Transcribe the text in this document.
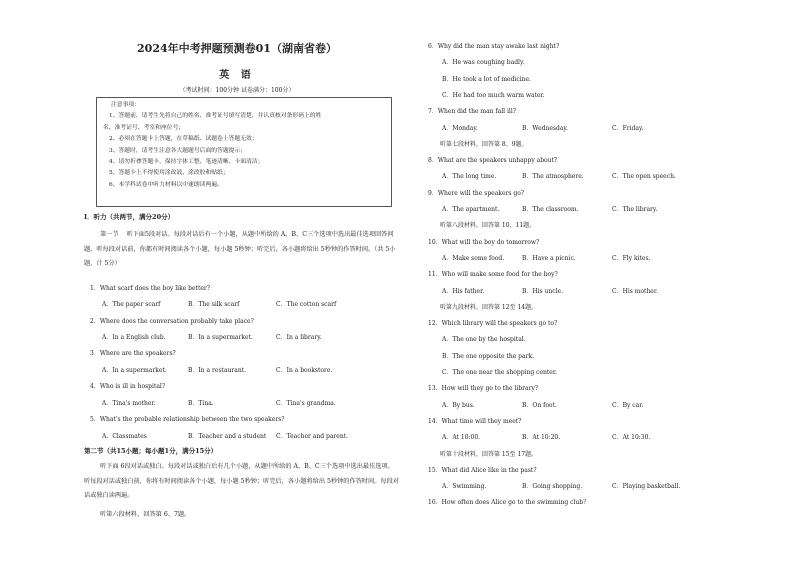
2024年中考押题预测卷01（湖南省卷）
英 语
（考试时间：100分钟 试卷满分：100分）
注意事项：
1、答题前，请考生先将自己的姓名、准考证号填写清楚，并认真核对条形码上的姓
名、准考证号、考室和座位号；
2、必须在答题卡上答题，在草稿纸、试题卷上答题无效；
3、答题时，请考生注意各大题题号后面的答题提示；
4、请勿折叠答题卡，保持字体工整、笔迹清晰、卡面清洁；
5、答题卡上不得使用涂改液、涂改胶和贴纸；
6、本学科试卷中听力材料以中速朗读两遍。
I．听力（共两节，满分20分）
第一节 听下面5段对话。每段对话后有一个小题，从题中所给的 A、B、C三个选项中选出最佳选项回答问题。听每段对话前，你都有时间阅读各个小题，每小题 5秒钟；听完后，各小题将给出 5秒钟的作答时间。（共 5小题，计 5分）
1．What scarf does the boy like better?
A．The paper scarf	B．The silk scarf	C．The cotton scarf
2．Where does the conversation probably take place?
A．In a English club.	B．In a supermarket.	C．In a library.
3．Where are the speakers?
A．In a supermarket.	B．In a restaurant.	C．In a bookstore.
4．Who is ill in hospital?
A．Tina's mother.	B．Tina.	C．Tina's grandma.
5．What's the probable relationship between the two speakers?
A．Classmates	B．Teacher and a student C．Teacher and parent.
第二节（共15小题；每小题1分，满分15分）
听下面 6段对话或独白。每段对话或独白后有几个小题，从题中所给的 A、B、C三个选项中选出最佳选项。听每段对话或独白前，你将有时间阅读各个小题，每小题 5秒钟；听完后，各小题将给出 5秒钟的作答时间。每段对话或独白读两遍。
听第六段材料，回答第 6、7题。
6．Why did the man stay awake last night?
A．He was coughing badly.
B．He took a lot of medicine.
C．He had too much warm water.
7．When did the man fall ill?
A．Monday.	B．Wednesday.	C．Friday.
听第七段材料，回答第 8、9题。
8．What are the speakers unhappy about?
A．The long time.	B．The atmosphere.	C．The open speech.
9．Where will the speakers go?
A．The apartment.	B．The classroom.	C．The library.
听第八段材料，回答第 10、11题。
10．What will the boy do tomorrow?
A．Make some food.	B．Have a picnic.	C．Fly kites.
11．Who will make some food for the boy?
A．His father.	B．His uncle.	C．His mother.
听第九段材料，回答第 12至 14题。
12．Which library will the speakers go to?
A．The one by the hospital.
B．The one opposite the park.
C．The one near the shopping center.
13．How will they go to the library?
A．By bus.	B．On foot.	C．By car.
14．What time will they meet?
A．At 10:00.	B．At 10:20.	C．At 10:30.
听第十段材料，回答第 15至 17题。
15．What did Alice like in the past?
A．Swimming.	B．Going shopping.	C．Playing basketball.
16．How often does Alice go to the swimming club？
